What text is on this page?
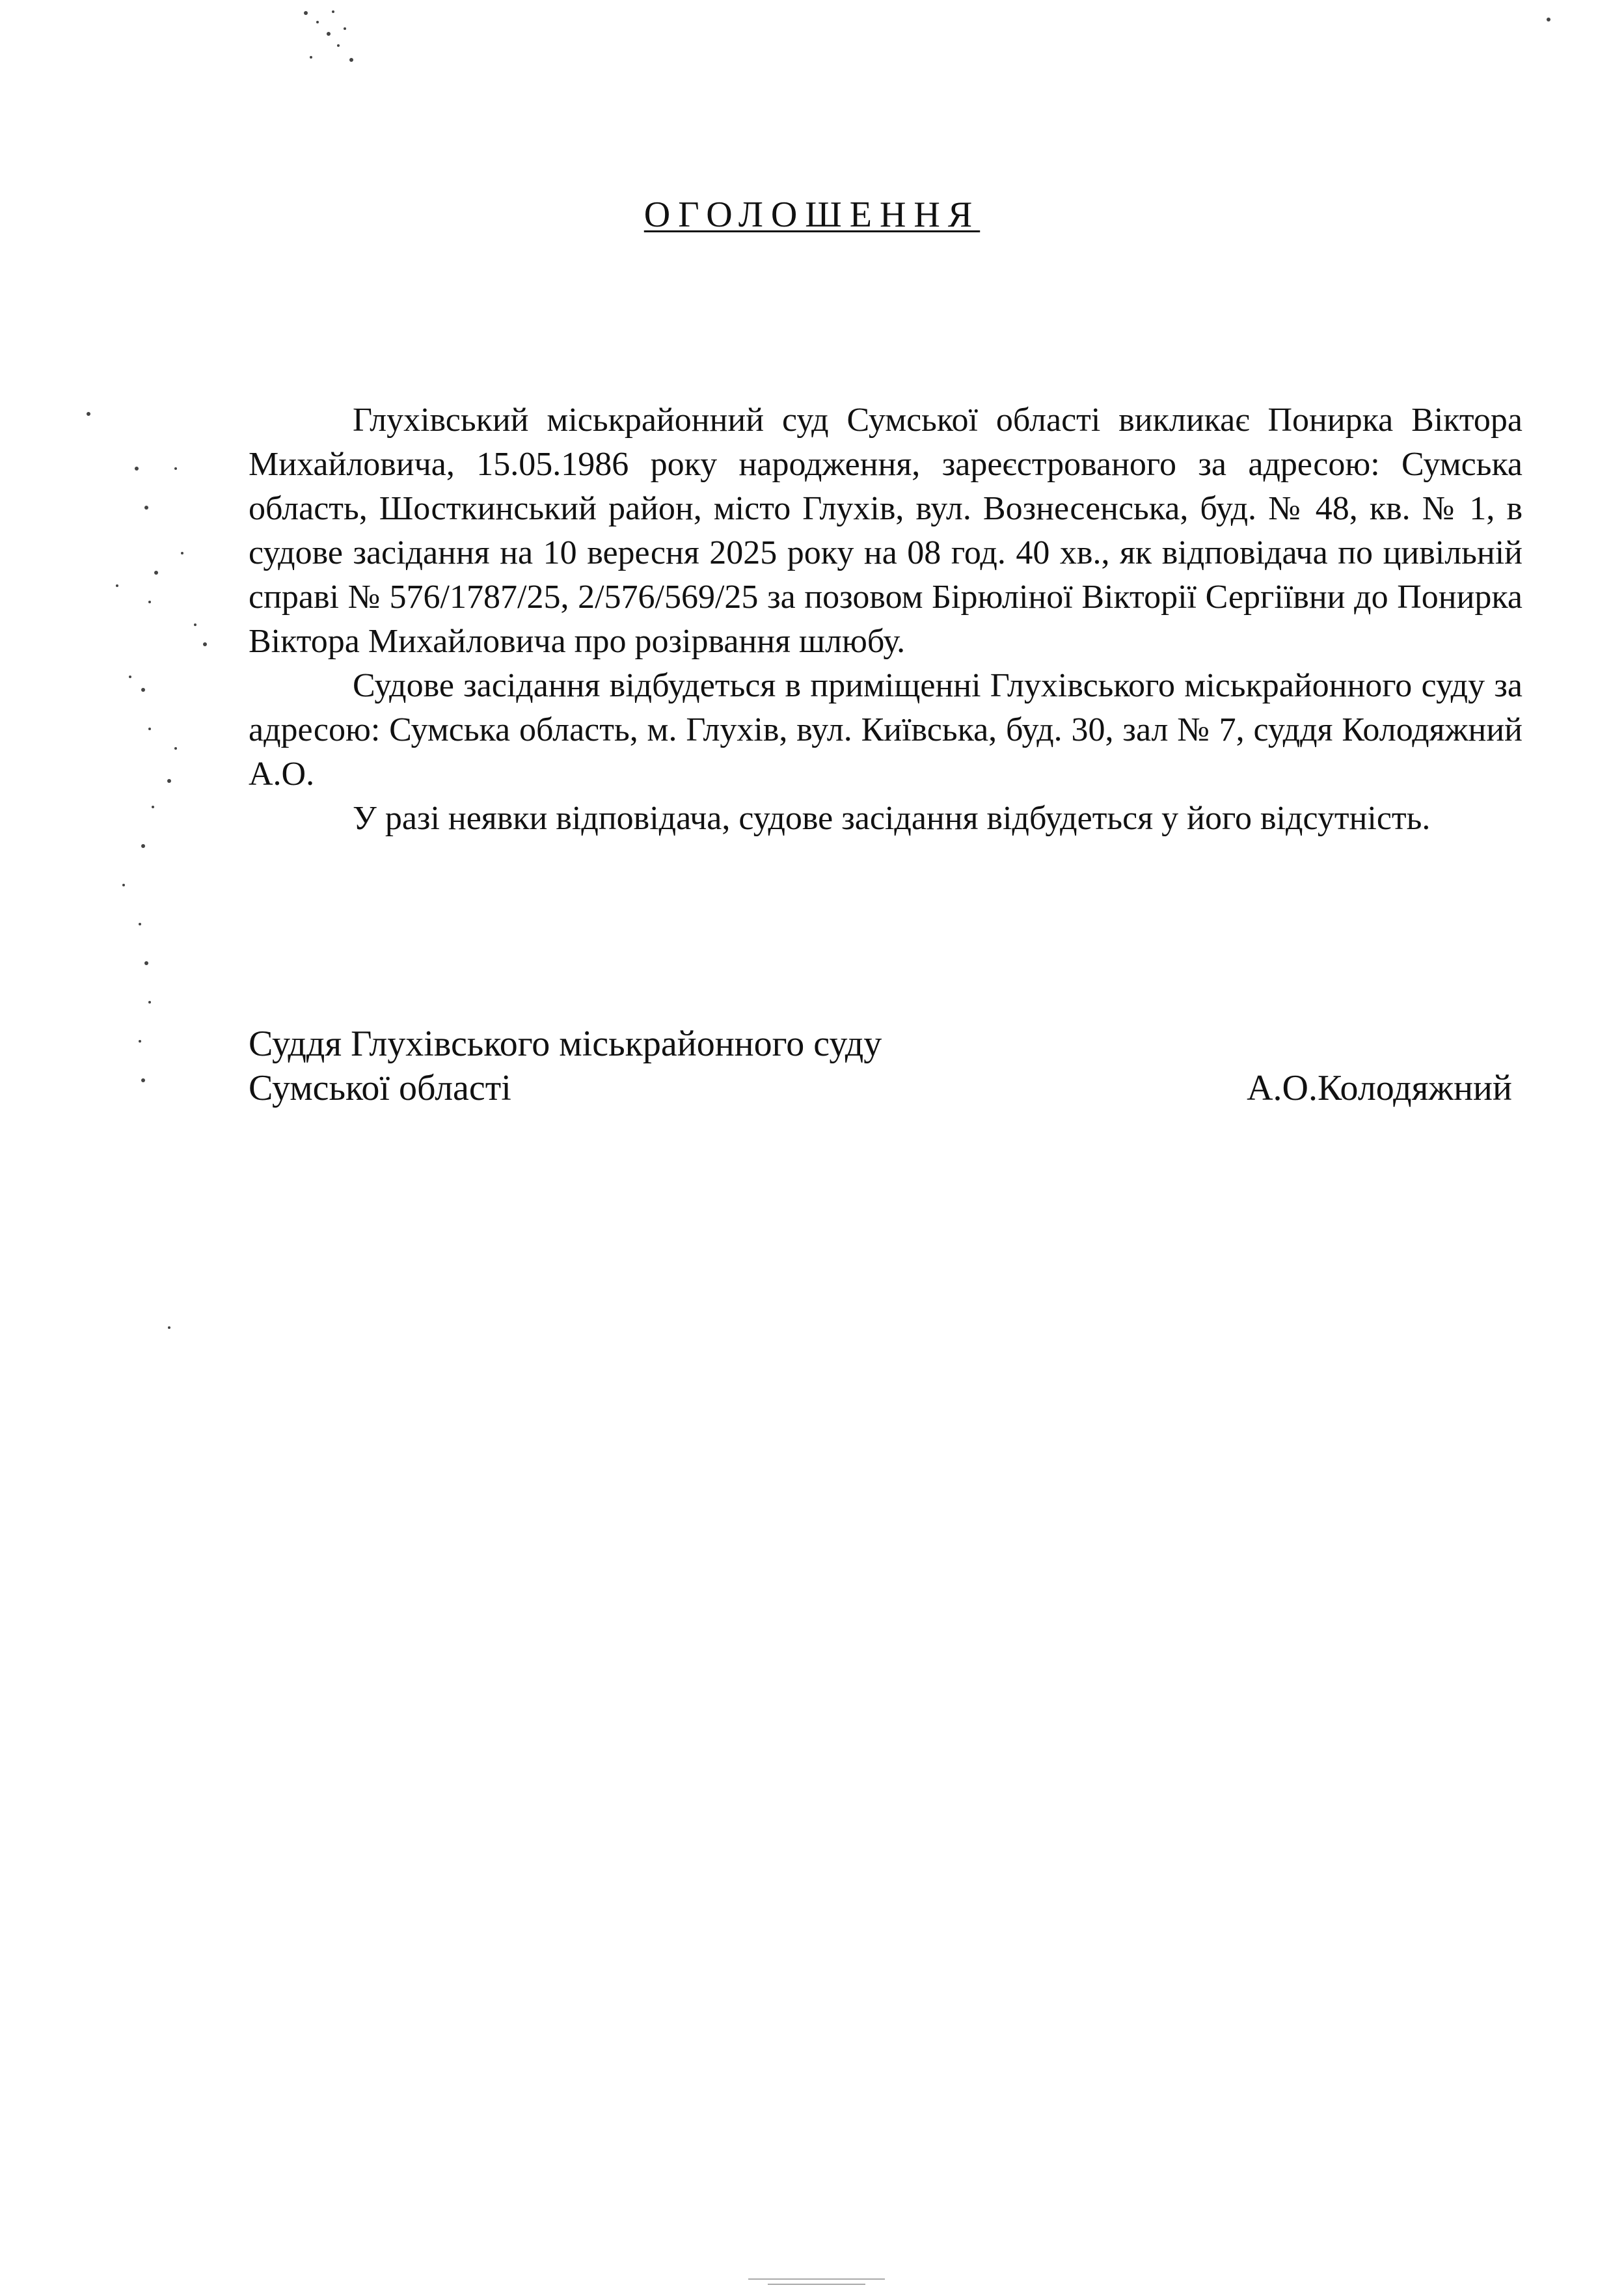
ОГОЛОШЕННЯ

Глухівський міськрайонний суд Сумської області викликає Понирка Віктора Михайловича, 15.05.1986 року народження, зареєстрованого за адресою: Сумська область, Шосткинський район, місто Глухів, вул. Вознесенська, буд. № 48, кв. № 1, в судове засідання на 10 вересня 2025 року на 08 год. 40 хв., як відповідача по цивільній справі № 576/1787/25, 2/576/569/25 за позовом Бірюліної Вікторії Сергіївни до Понирка Віктора Михайловича про розірвання шлюбу.

Судове засідання відбудеться в приміщенні Глухівського міськрайонного суду за адресою: Сумська область, м. Глухів, вул. Київська, буд. 30, зал № 7, суддя Колодяжний А.О.

У разі неявки відповідача, судове засідання відбудеться у його відсутність.

Суддя Глухівського міськрайонного суду
Сумської області	А.О.Колодяжний
